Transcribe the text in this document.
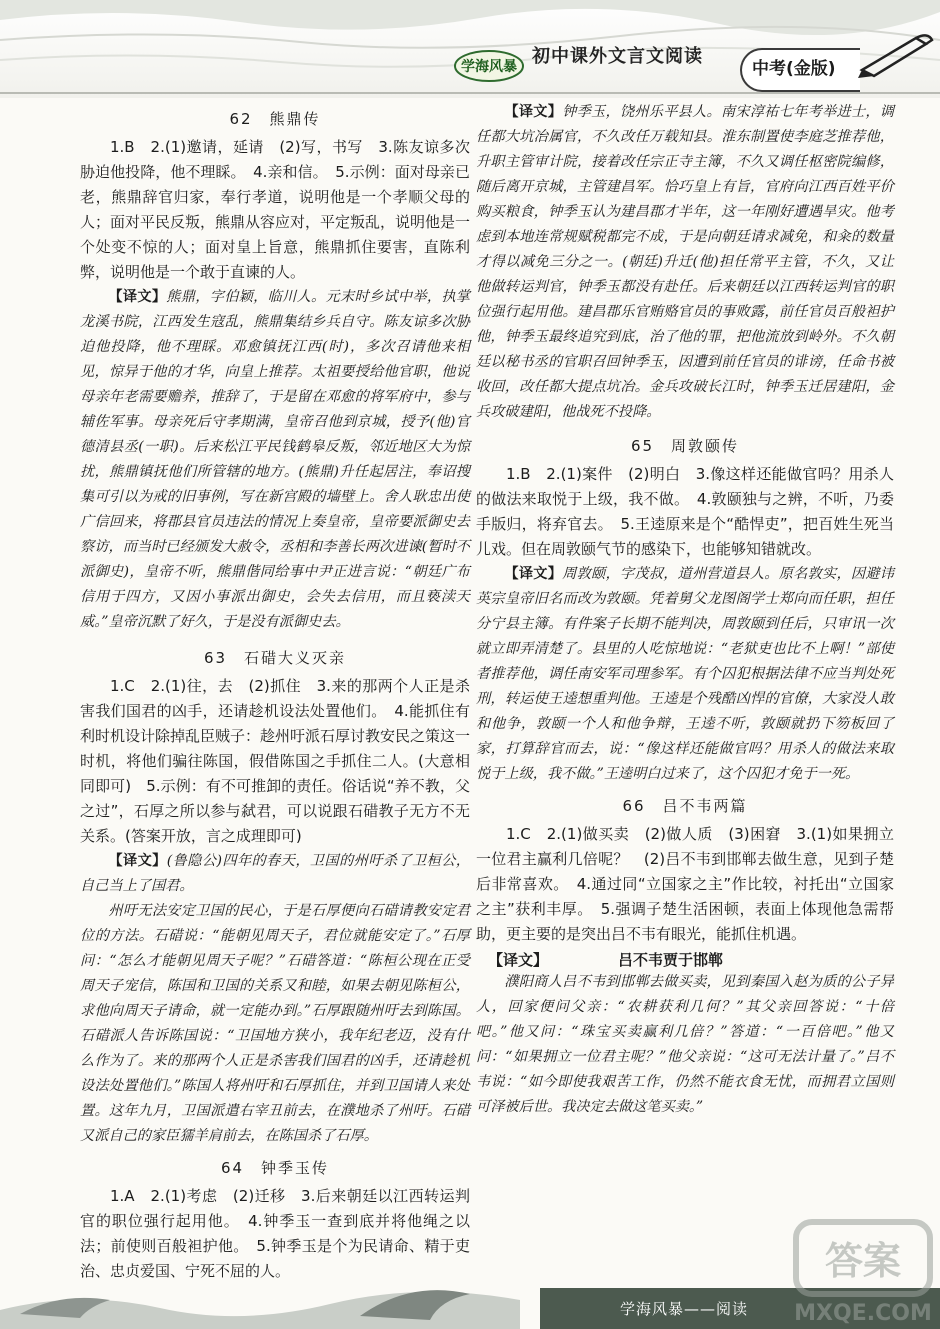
学海风暴 初中课外文言文阅读
中考(金版)
62　熊鼎传

1.B　2.(1)邀请，延请　(2)写，书写　3.陈友谅多次胁迫他投降，他不理睬。　4.亲和信。　5.示例：面对母亲已老，熊鼎辞官归家，奉行孝道，说明他是一个孝顺父母的人；面对平民反叛，熊鼎从容应对，平定叛乱，说明他是一个处变不惊的人；面对皇上旨意，熊鼎抓住要害，直陈利弊，说明他是一个敢于直谏的人。

【译文】熊鼎，字伯颖，临川人。元末时乡试中举，执掌龙溪书院，江西发生寇乱，熊鼎集结乡兵自守。陈友谅多次胁迫他投降，他不理睬。邓愈镇抚江西(时)，多次召请他来相见，惊异于他的才华，向皇上推荐。太祖要授给他官职，他说母亲年老需要赡养，推辞了，于是留在邓愈的将军府中，参与辅佐军事。母亲死后守孝期满，皇帝召他到京城，授予(他)官德清县丞(一职)。后来松江平民钱鹤皋反叛，邻近地区大为惊扰，熊鼎镇抚他们所管辖的地方。(熊鼎)升任起居注，奉诏搜集可引以为戒的旧事例，写在新宫殿的墙壁上。舍人耿忠出使广信回来，将郡县官员违法的情况上奏皇帝，皇帝要派御史去察访，而当时已经颁发大赦令，丞相和李善长两次进谏(暂时不派御史)，皇帝不听，熊鼎偕同给事中尹正进言说：“朝廷广布信用于四方，又因小事派出御史，会失去信用，而且亵渎天威。”皇帝沉默了好久，于是没有派御史去。

63　石碏大义灭亲

1.C　2.(1)往，去　(2)抓住　3.来的那两个人正是杀害我们国君的凶手，还请趁机设法处置他们。　4.能抓住有利时机设计除掉乱臣贼子：趁州吁派石厚讨教安民之策这一时机，将他们骗往陈国，假借陈国之手抓住二人。(大意相同即可)　5.示例：有不可推卸的责任。俗话说“养不教，父之过”，石厚之所以参与弑君，可以说跟石碏教子无方不无关系。(答案开放，言之成理即可)

【译文】(鲁隐公)四年的春天，卫国的州吁杀了卫桓公，自己当上了国君。

州吁无法安定卫国的民心，于是石厚便向石碏请教安定君位的方法。石碏说：“能朝见周天子，君位就能安定了。”石厚问：“怎么才能朝见周天子呢？”石碏答道：“陈桓公现在正受周天子宠信，陈国和卫国的关系又和睦，如果去朝见陈桓公，求他向周天子请命，就一定能办到。”石厚跟随州吁去到陈国。石碏派人告诉陈国说：“卫国地方狭小，我年纪老迈，没有什么作为了。来的那两个人正是杀害我们国君的凶手，还请趁机设法处置他们。”陈国人将州吁和石厚抓住，并到卫国请人来处置。这年九月，卫国派遣右宰丑前去，在濮地杀了州吁。石碏又派自己的家臣獳羊肩前去，在陈国杀了石厚。

64　钟季玉传

1.A　2.(1)考虑　(2)迁移　3.后来朝廷以江西转运判官的职位强行起用他。　4.钟季玉一查到底并将他绳之以法；前使则百般袒护他。　5.钟季玉是个为民请命、精于吏治、忠贞爱国、宁死不屈的人。

【译文】钟季玉，饶州乐平县人。南宋淳祐七年考举进士，调任都大坑冶属官，不久改任万载知县。淮东制置使李庭芝推荐他，升职主管审计院，接着改任宗正寺主簿，不久又调任枢密院编修，随后离开京城，主管建昌军。恰巧皇上有旨，官府向江西百姓平价购买粮食，钟季玉认为建昌郡才半年，这一年刚好遭遇旱灾。他考虑到本地连常规赋税都完不成，于是向朝廷请求减免，和籴的数量才得以减免三分之一。(朝廷)升迁(他)担任常平主管，不久，又让他做转运判官，钟季玉都没有赴任。后来朝廷以江西转运判官的职位强行起用他。建昌郡乐官贿赂官员的事败露，前任官员百般袒护他，钟季玉最终追究到底，治了他的罪，把他流放到岭外。不久朝廷以秘书丞的官职召回钟季玉，因遭到前任官员的诽谤，任命书被收回，改任都大提点坑冶。金兵攻破长江时，钟季玉迁居建阳，金兵攻破建阳，他战死不投降。

65　周敦颐传

1.B　2.(1)案件　(2)明白　3.像这样还能做官吗？用杀人的做法来取悦于上级，我不做。　4.敦颐独与之辨，不听，乃委手版归，将弃官去。　5.王逵原来是个“酷悍吏”，把百姓生死当儿戏。但在周敦颐气节的感染下，也能够知错就改。

【译文】周敦颐，字茂叔，道州营道县人。原名敦实，因避讳英宗皇帝旧名而改为敦颐。凭着舅父龙图阁学士郑向而任职，担任分宁县主簿。有件案子长期不能判决，周敦颐到任后，只审讯一次就立即弄清楚了。县里的人吃惊地说：“老狱吏也比不上啊！”部使者推荐他，调任南安军司理参军。有个囚犯根据法律不应当判处死刑，转运使王逵想重判他。王逵是个残酷凶悍的官僚，大家没人敢和他争，敦颐一个人和他争辩，王逵不听，敦颐就扔下笏板回了家，打算辞官而去，说：“像这样还能做官吗？用杀人的做法来取悦于上级，我不做。”王逵明白过来了，这个囚犯才免于一死。

66　吕不韦两篇

1.C　2.(1)做买卖　(2)做人质　(3)困窘　3.(1)如果拥立一位君主赢利几倍呢？　(2)吕不韦到邯郸去做生意，见到子楚后非常喜欢。　4.通过同“立国家之主”作比较，衬托出“立国家之主”获利丰厚。　5.强调子楚生活困顿，表面上体现他急需帮助，更主要的是突出吕不韦有眼光，能抓住机遇。

【译文】	吕不韦贾于邯郸

濮阳商人吕不韦到邯郸去做买卖，见到秦国入赵为质的公子异人，回家便问父亲：“农耕获利几何？”其父亲回答说：“十倍吧。”他又问：“珠宝买卖赢利几倍？”答道：“一百倍吧。”他又问：“如果拥立一位君主呢？”他父亲说：“这可无法计量了。”吕不韦说：“如今即使我艰苦工作，仍然不能衣食无忧，而拥君立国则可泽被后世。我决定去做这笔买卖。”

学海风暴——阅读
答案
MXQE.COM
